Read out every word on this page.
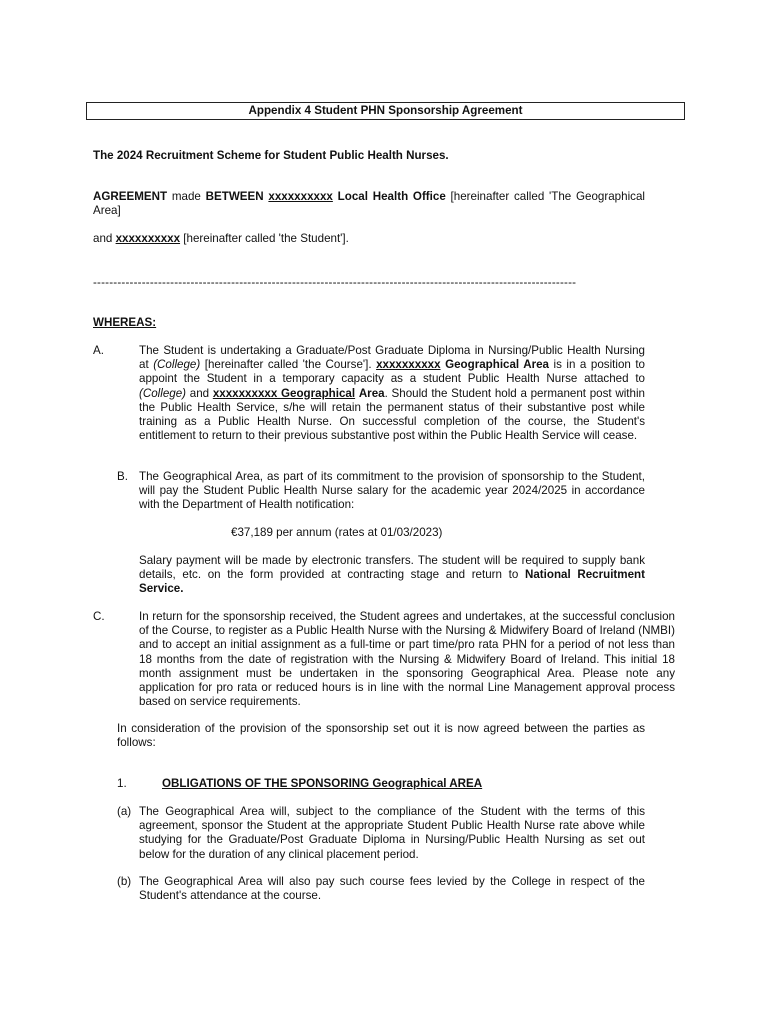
Appendix 4 Student PHN Sponsorship Agreement
The 2024 Recruitment Scheme for Student Public Health Nurses.
AGREEMENT made BETWEEN xxxxxxxxxx Local Health Office [hereinafter called 'The Geographical Area]
and xxxxxxxxxx [hereinafter called 'the Student'].
-----------------------------------------------------------------------------------------------------------------------
WHEREAS:
A.	The Student is undertaking a Graduate/Post Graduate Diploma in Nursing/Public Health Nursing at (College) [hereinafter called 'the Course']. xxxxxxxxxx Geographical Area is in a position to appoint the Student in a temporary capacity as a student Public Health Nurse attached to (College) and xxxxxxxxxx Geographical Area. Should the Student hold a permanent post within the Public Health Service, s/he will retain the permanent status of their substantive post while training as a Public Health Nurse. On successful completion of the course, the Student's entitlement to return to their previous substantive post within the Public Health Service will cease.
B. The Geographical Area, as part of its commitment to the provision of sponsorship to the Student, will pay the Student Public Health Nurse salary for the academic year 2024/2025 in accordance with the Department of Health notification:
€37,189 per annum (rates at 01/03/2023)
Salary payment will be made by electronic transfers. The student will be required to supply bank details, etc. on the form provided at contracting stage and return to National Recruitment Service.
C.	In return for the sponsorship received, the Student agrees and undertakes, at the successful conclusion of the Course, to register as a Public Health Nurse with the Nursing & Midwifery Board of Ireland (NMBI) and to accept an initial assignment as a full-time or part time/pro rata PHN for a period of not less than 18 months from the date of registration with the Nursing & Midwifery Board of Ireland. This initial 18 month assignment must be undertaken in the sponsoring Geographical Area. Please note any application for pro rata or reduced hours is in line with the normal Line Management approval process based on service requirements.
In consideration of the provision of the sponsorship set out it is now agreed between the parties as follows:
1.	OBLIGATIONS OF THE SPONSORING Geographical AREA
(a) The Geographical Area will, subject to the compliance of the Student with the terms of this agreement, sponsor the Student at the appropriate Student Public Health Nurse rate above while studying for the Graduate/Post Graduate Diploma in Nursing/Public Health Nursing as set out below for the duration of any clinical placement period.
(b) The Geographical Area will also pay such course fees levied by the College in respect of the Student's attendance at the course.
